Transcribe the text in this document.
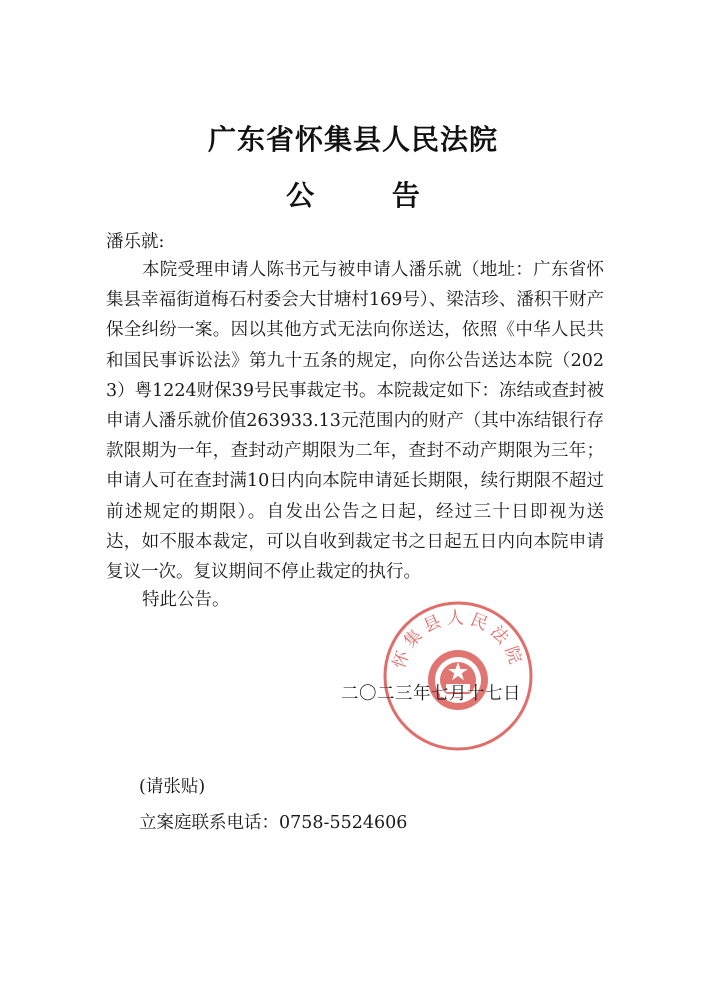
广东省怀集县人民法院
公 告
潘乐就:

本院受理申请人陈书元与被申请人潘乐就（地址：广东省怀集县幸福街道梅石村委会大甘塘村169号）、梁洁珍、潘积干财产保全纠纷一案。因以其他方式无法向你送达，依照《中华人民共和国民事诉讼法》第九十五条的规定，向你公告送达本院（2023）粤1224财保39号民事裁定书。本院裁定如下：冻结或查封被申请人潘乐就价值263933.13元范围内的财产（其中冻结银行存款限期为一年，查封动产期限为二年，查封不动产期限为三年；申请人可在查封满10日内向本院申请延长期限，续行期限不超过前述规定的期限）。自发出公告之日起，经过三十日即视为送达，如不服本裁定，可以自收到裁定书之日起五日内向本院申请复议一次。复议期间不停止裁定的执行。

特此公告。
怀集县人民法院
二〇二三年七月十七日
(请张贴)
立案庭联系电话：0758-5524606
